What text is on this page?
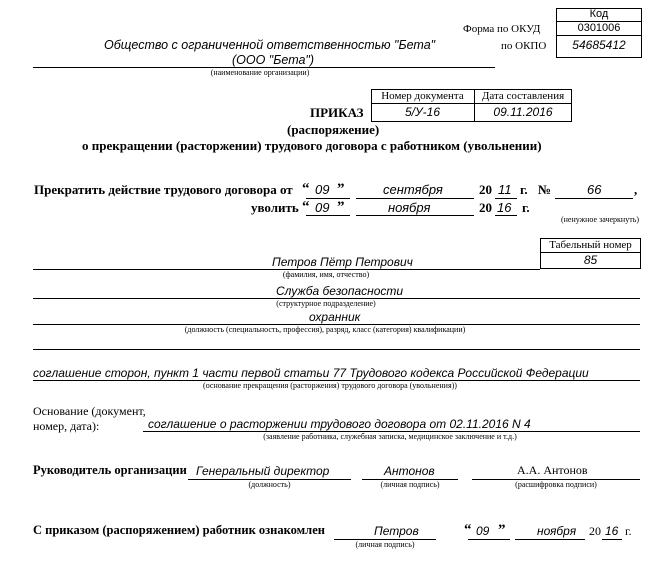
Код
Форма по ОКУД	0301006
по ОКПО	54685412
Общество с ограниченной ответственностью "Бета"
(ООО "Бета")
(наименование организации)
Номер документа	Дата составления
5/У-16	09.11.2016
ПРИКАЗ
(распоряжение)
о прекращении (расторжении) трудового договора с работником (увольнении)
Прекратить действие трудового договора от “ 09 ”	сентября	20 11 г. №	66	,
уволить “ 09 ”	ноября	20 16 г.
(ненужное зачеркнуть)
Табельный номер
85
Петров Пётр Петрович
(фамилия, имя, отчество)
Служба безопасности
(структурное подразделение)
охранник
(должность (специальность, профессия), разряд, класс (категория) квалификации)
соглашение сторон, пункт 1 части первой статьи 77 Трудового кодекса Российской Федерации
(основание прекращения (расторжения) трудового договора (увольнения))
Основание (документ,
номер, дата):	соглашение о расторжении трудового договора от 02.11.2016 N 4
(заявление работника, служебная записка, медицинское заключение и т.д.)
Руководитель организации Генеральный директор
(должность)
Антонов
(личная подпись)
А.А. Антонов
(расшифровка подписи)
С приказом (распоряжением) работник ознакомлен	Петров
(личная подпись)
“ 09 ”	ноября 20 16 г.
